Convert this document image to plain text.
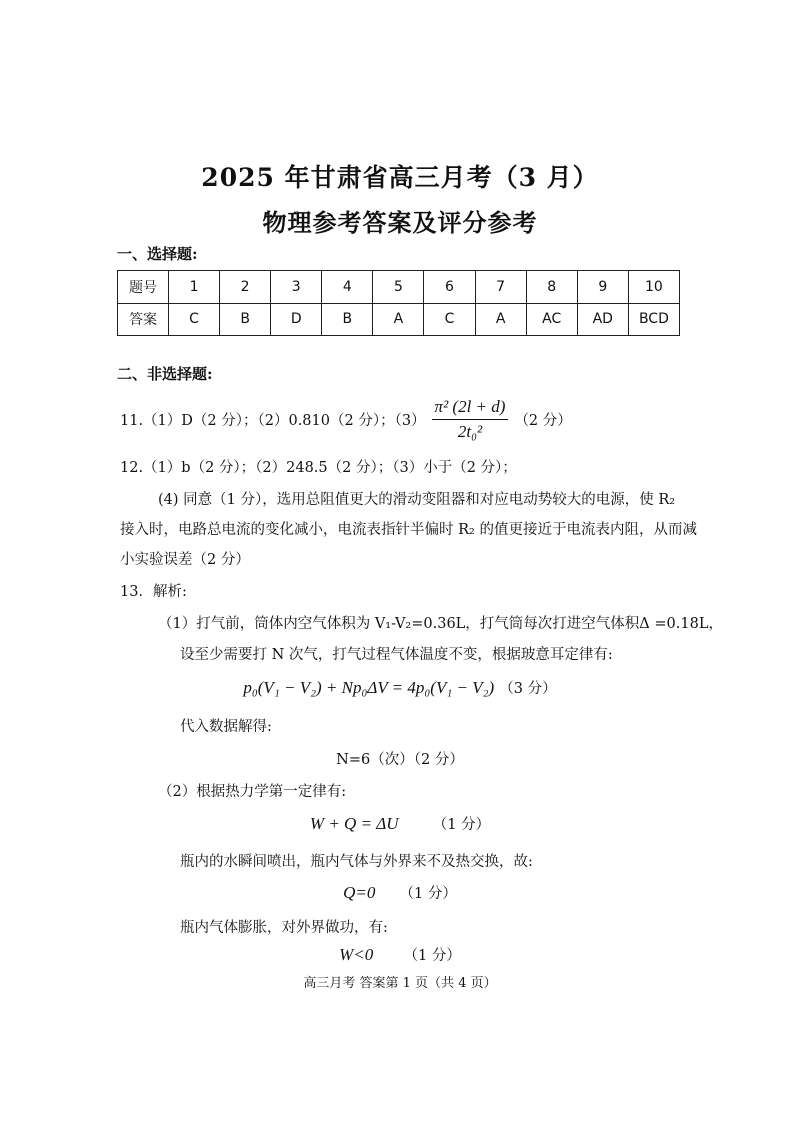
2025 年甘肃省高三月考（3 月）
物理参考答案及评分参考
一、选择题:
题号	1	2	3	4	5	6	7	8	9	10
答案	C	B	D	B	A	C	A	AC	AD	BCD
二、非选择题:
11.（1）D（2 分）；（2）0.810（2 分）；$(3) \frac{\text{π² (2l + d)}}{\text{2t₀²}} (2$ 分）
12.（1）b（2 分）；（2）248.5（2 分）；（3）小于（2 分）；
(4) 同意（1 分），选用总阻值更大的滑动变阻器和对应电动势较大的电源，使 R₂
接入时，电路总电流的变化减小，电流表指针半偏时 R₂ 的值更接近于电流表内阻，从而减
小实验误差（2 分）
13．解析:
（1）打气前，筒体内空气体积为 V₁-V₂=0.36L，打气筒每次打进空气体积Δ =0.18L，
设至少需要打 N 次气，打气过程气体温度不变，根据玻意耳定律有:
p₀(V₁ − V₂) + Np₀ΔV = 4p₀(V₁ − V₂) （3 分）
代入数据解得:
N=6（次）（2 分）
（2）根据热力学第一定律有:
W + Q = ΔU （1 分）
瓶内的水瞬间喷出，瓶内气体与外界来不及热交换，故:
Q=0 （1 分）
瓶内气体膨胀，对外界做功，有:
W<0 （1 分）
高三月考 答案第 1 页（共 4 页）
